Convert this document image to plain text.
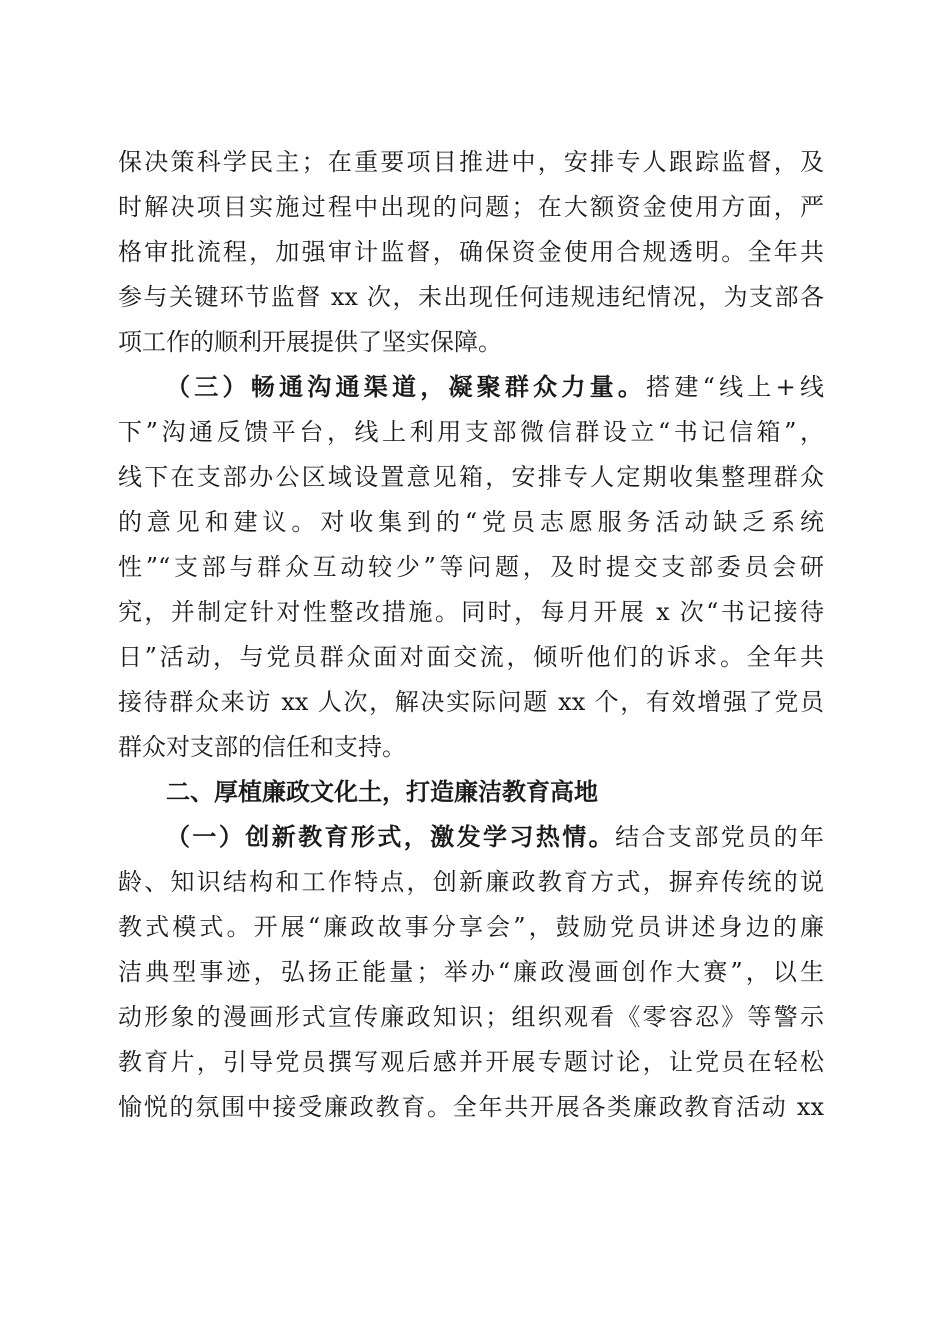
保决策科学民主；在重要项目推进中，安排专人跟踪监督，及
时解决项目实施过程中出现的问题；在大额资金使用方面，严
格审批流程，加强审计监督，确保资金使用合规透明。全年共
参与关键环节监督 xx 次，未出现任何违规违纪情况，为支部各
项工作的顺利开展提供了坚实保障。
（三）畅通沟通渠道，凝聚群众力量。搭建“线上+线
下”沟通反馈平台，线上利用支部微信群设立“书记信箱”，
线下在支部办公区域设置意见箱，安排专人定期收集整理群众
的意见和建议。对收集到的“党员志愿服务活动缺乏系统
性”“支部与群众互动较少”等问题，及时提交支部委员会研
究，并制定针对性整改措施。同时，每月开展 x 次“书记接待
日”活动，与党员群众面对面交流，倾听他们的诉求。全年共
接待群众来访 xx 人次，解决实际问题 xx 个，有效增强了党员
群众对支部的信任和支持。
二、厚植廉政文化土，打造廉洁教育高地
（一）创新教育形式，激发学习热情。结合支部党员的年
龄、知识结构和工作特点，创新廉政教育方式，摒弃传统的说
教式模式。开展“廉政故事分享会”，鼓励党员讲述身边的廉
洁典型事迹，弘扬正能量；举办“廉政漫画创作大赛”，以生
动形象的漫画形式宣传廉政知识；组织观看《零容忍》等警示
教育片，引导党员撰写观后感并开展专题讨论，让党员在轻松
愉悦的氛围中接受廉政教育。全年共开展各类廉政教育活动 xx
